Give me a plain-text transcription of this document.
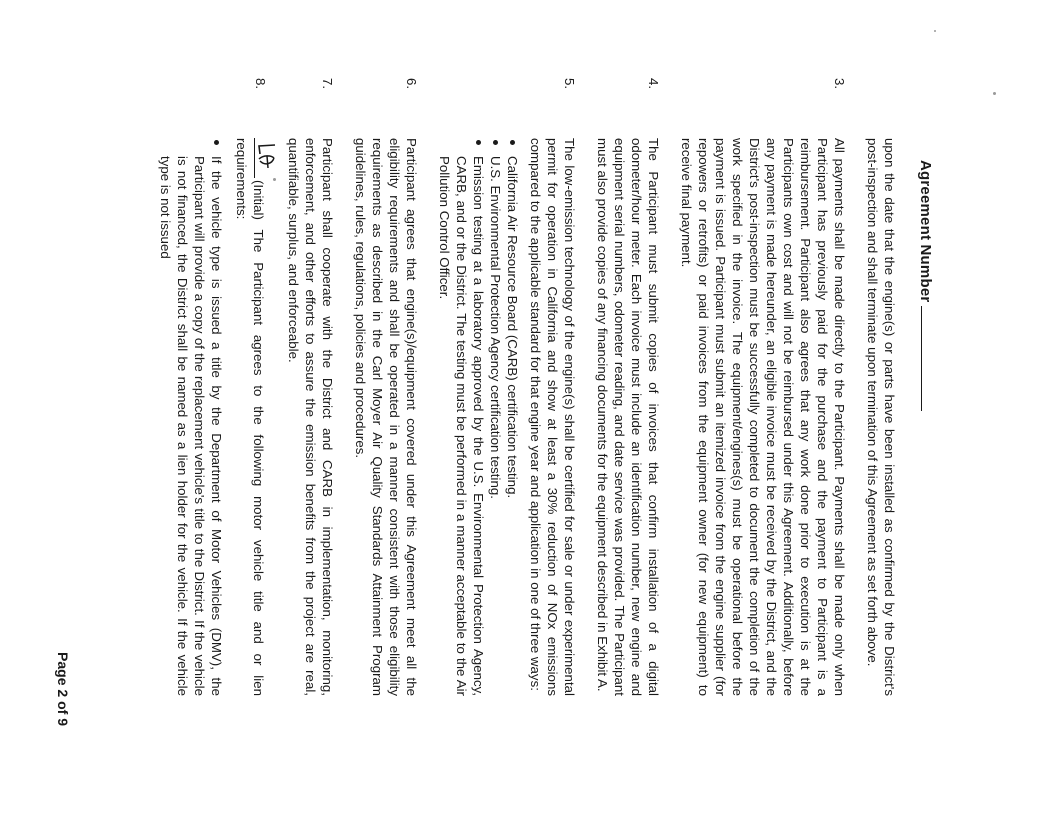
Agreement Number

upon the date that the engine(s) or parts have been installed as confirmed by the District's post-inspection and shall terminate upon termination of this Agreement as set forth above.

3.
All payments shall be made directly to the Participant. Payments shall be made only when Participant has previously paid for the purchase and the payment to Participant is a reimbursement. Participant also agrees that any work done prior to execution is at the Participants own cost and will not be reimbursed under this Agreement. Additionally, before any payment is made hereunder, an eligible invoice must be received by the District, and the District's post-inspection must be successfully completed to document the completion of the work specified in the invoice. The equipment/engines(s) must be operational before the payment is issued. Participant must submit an itemized invoice from the engine supplier (for repowers or retrofits) or paid invoices from the equipment owner (for new equipment) to receive final payment.
4.
The Participant must submit copies of invoices that confirm installation of a digital odometer/hour meter. Each invoice must include an identification number, new engine and equipment serial numbers, odometer reading, and date service was provided. The Participant must also provide copies of any financing documents for the equipment described in Exhibit A.
5.
The low-emission technology of the engine(s) shall be certified for sale or under experimental permit for operation in California and show at least a 30% reduction of NOx emissions compared to the applicable standard for that engine year and application in one of three ways:
California Air Resource Board (CARB) certification testing.
U.S. Environmental Protection Agency certification testing.
Emission testing at a laboratory approved by the U.S. Environmental Protection Agency, CARB, and or the District. The testing must be performed in a manner acceptable to the Air Pollution Control Officer.
6.
Participant agrees that engine(s)/equipment covered under this Agreement meet all the eligibility requirements and shall be operated in a manner consistent with those eligibility requirements as described in the Carl Moyer Air Quality Standards Attainment Program guidelines, rules, regulations, policies and procedures.
7.
Participant shall cooperate with the District and CARB in implementation, monitoring, enforcement, and other efforts to assure the emission benefits from the project are real, quantifiable, surplus, and enforceable.
8.
(Initial) The Participant agrees to the following motor vehicle title and or lien requirements:
If the vehicle type is issued a title by the Department of Motor Vehicles (DMV), the Participant will provide a copy of the replacement vehicle's title to the District. If the vehicle is not financed, the District shall be named as a lien holder for the vehicle. If the vehicle type is not issued
Page 2 of 9
